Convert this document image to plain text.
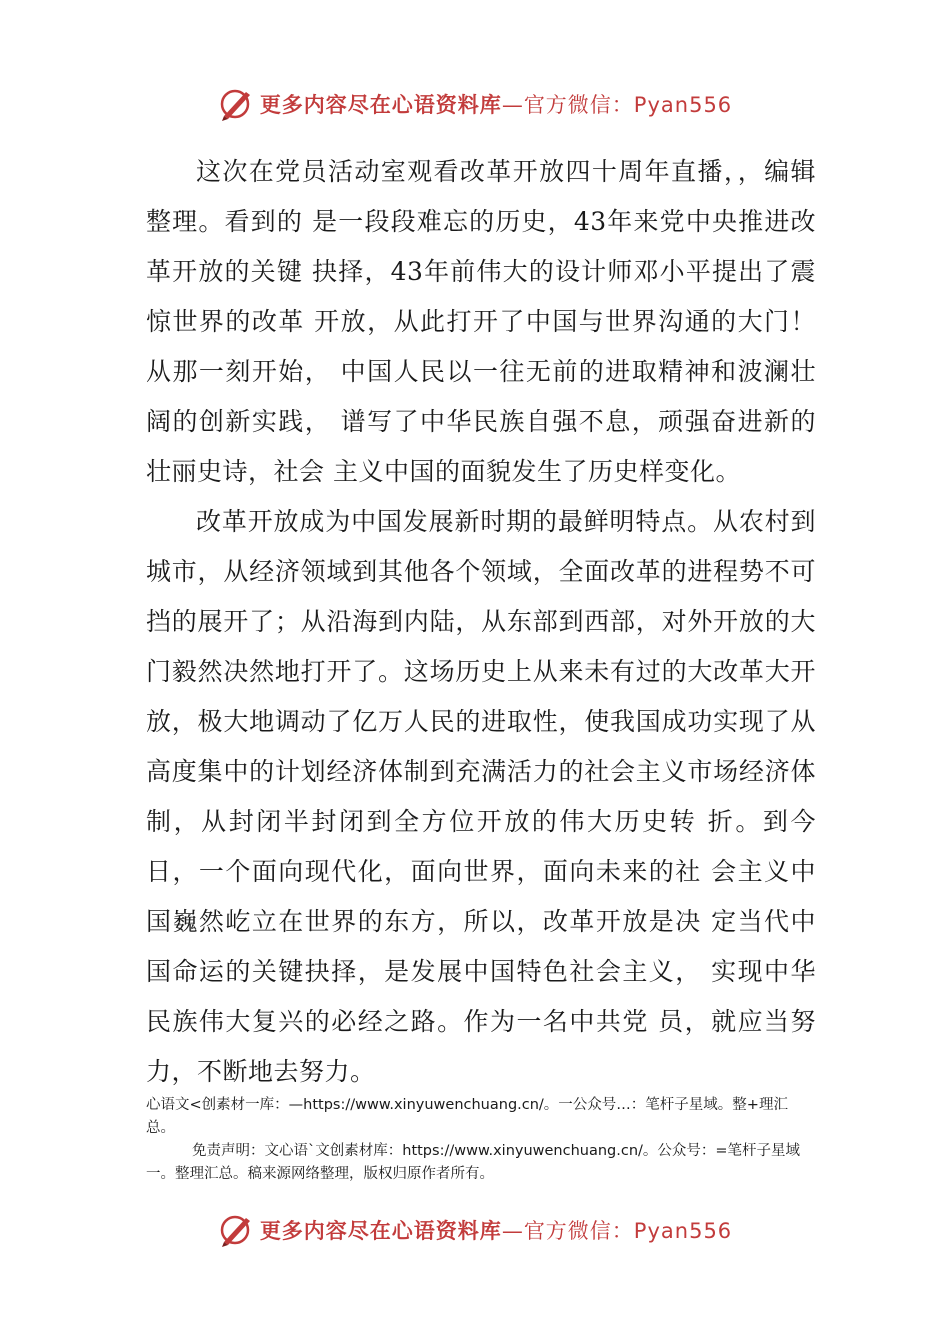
更多内容尽在心语资料库—官方微信：Pyan556

这次在党员活动室观看改革开放四十周年直播，，编辑整理。看到的 是一段段难忘的历史，43年来党中央推进改革开放的关键 抉择，43年前伟大的设计师邓小平提出了震惊世界的改革 开放，从此打开了中国与世界沟通的大门！从那一刻开始， 中国人民以一往无前的进取精神和波澜壮阔的创新实践， 谱写了中华民族自强不息，顽强奋进新的壮丽史诗，社会 主义中国的面貌发生了历史样变化。

改革开放成为中国发展新时期的最鲜明特点。从农村到城市，从经济领域到其他各个领域，全面改革的进程势不可挡的展开了；从沿海到内陆，从东部到西部，对外开放的大门毅然决然地打开了。这场历史上从来未有过的大改革大开放，极大地调动了亿万人民的进取性，使我国成功实现了从高度集中的计划经济体制到充满活力的社会主义市场经济体制，从封闭半封闭到全方位开放的伟大历史转 折。到今日，一个面向现代化，面向世界，面向未来的社 会主义中国巍然屹立在世界的东方，所以，改革开放是决 定当代中国命运的关键抉择，是发展中国特色社会主义， 实现中华民族伟大复兴的必经之路。作为一名中共党 员，就应当努力，不断地去努力。

心语文<创素材一库：—https://www.xinyuwenchuang.cn/。一公众号…：笔杆子星域。整+理汇总。

免责声明：文心语`文创素材库：https://www.xinyuwenchuang.cn/。公众号：=笔杆子星域一。整理汇总。稿来源网络整理，版权归原作者所有。

更多内容尽在心语资料库—官方微信：Pyan556
